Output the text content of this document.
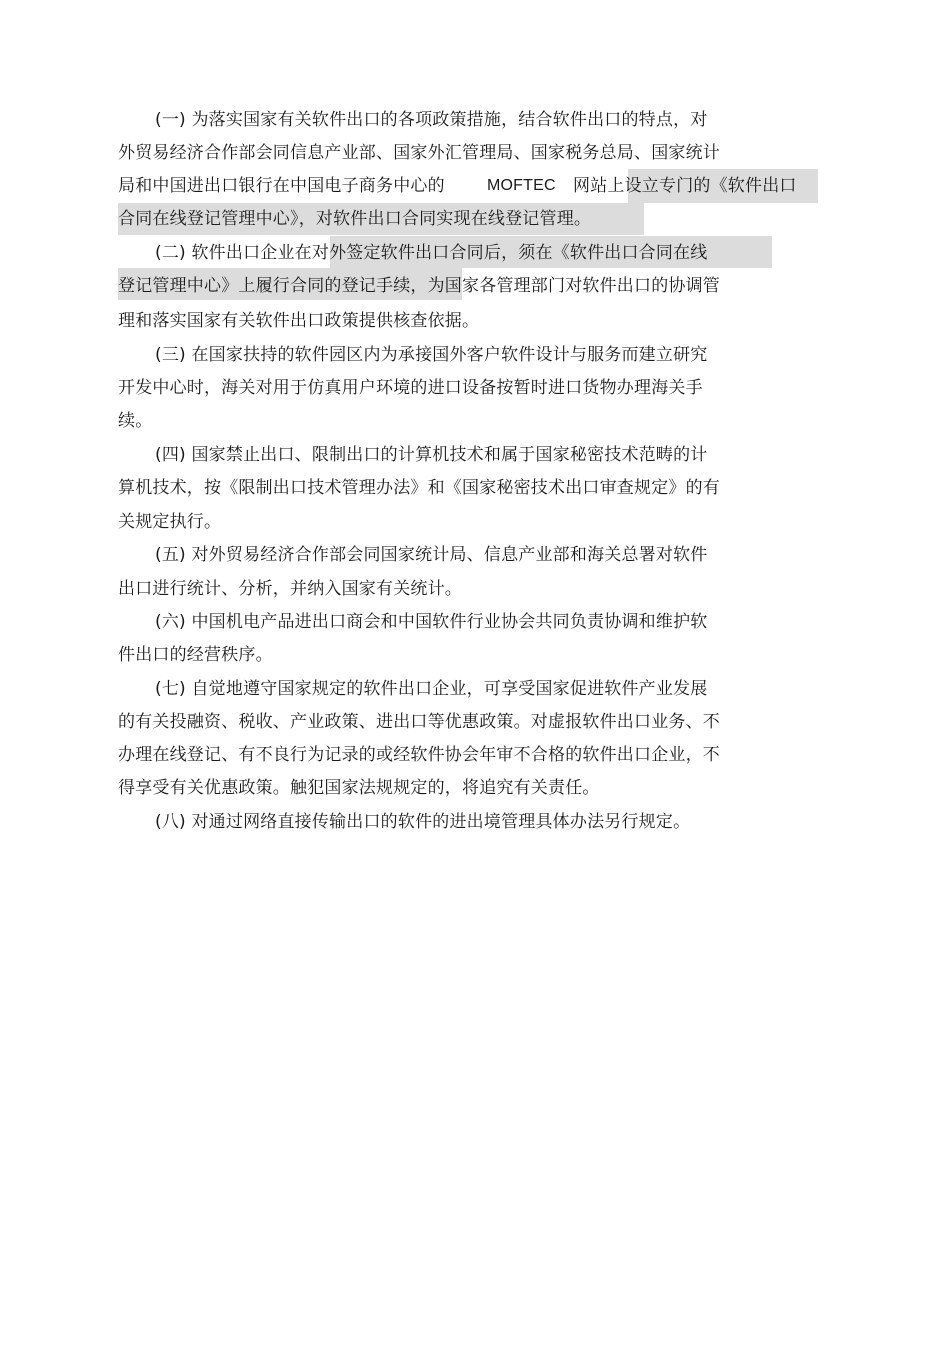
(一) 为落实国家有关软件出口的各项政策措施，结合软件出口的特点，对
外贸易经济合作部会同信息产业部、国家外汇管理局、国家税务总局、国家统计
局和中国进出口银行在中国电子商务中心的	MOFTEC 网站上设立专门的《软件出口
合同在线登记管理中心》，对软件出口合同实现在线登记管理。
(二) 软件出口企业在对外签定软件出口合同后，须在《软件出口合同在线
登记管理中心》上履行合同的登记手续，为国家各管理部门对软件出口的协调管
理和落实国家有关软件出口政策提供核查依据。
(三) 在国家扶持的软件园区内为承接国外客户软件设计与服务而建立研究
开发中心时，海关对用于仿真用户环境的进口设备按暂时进口货物办理海关手
续。
(四) 国家禁止出口、限制出口的计算机技术和属于国家秘密技术范畴的计
算机技术，按《限制出口技术管理办法》和《国家秘密技术出口审查规定》的有
关规定执行。
(五) 对外贸易经济合作部会同国家统计局、信息产业部和海关总署对软件
出口进行统计、分析，并纳入国家有关统计。
(六) 中国机电产品进出口商会和中国软件行业协会共同负责协调和维护软
件出口的经营秩序。
(七) 自觉地遵守国家规定的软件出口企业，可享受国家促进软件产业发展
的有关投融资、税收、产业政策、进出口等优惠政策。对虚报软件出口业务、不
办理在线登记、有不良行为记录的或经软件协会年审不合格的软件出口企业，不
得享受有关优惠政策。触犯国家法规规定的，将追究有关责任。
(八) 对通过网络直接传输出口的软件的进出境管理具体办法另行规定。
